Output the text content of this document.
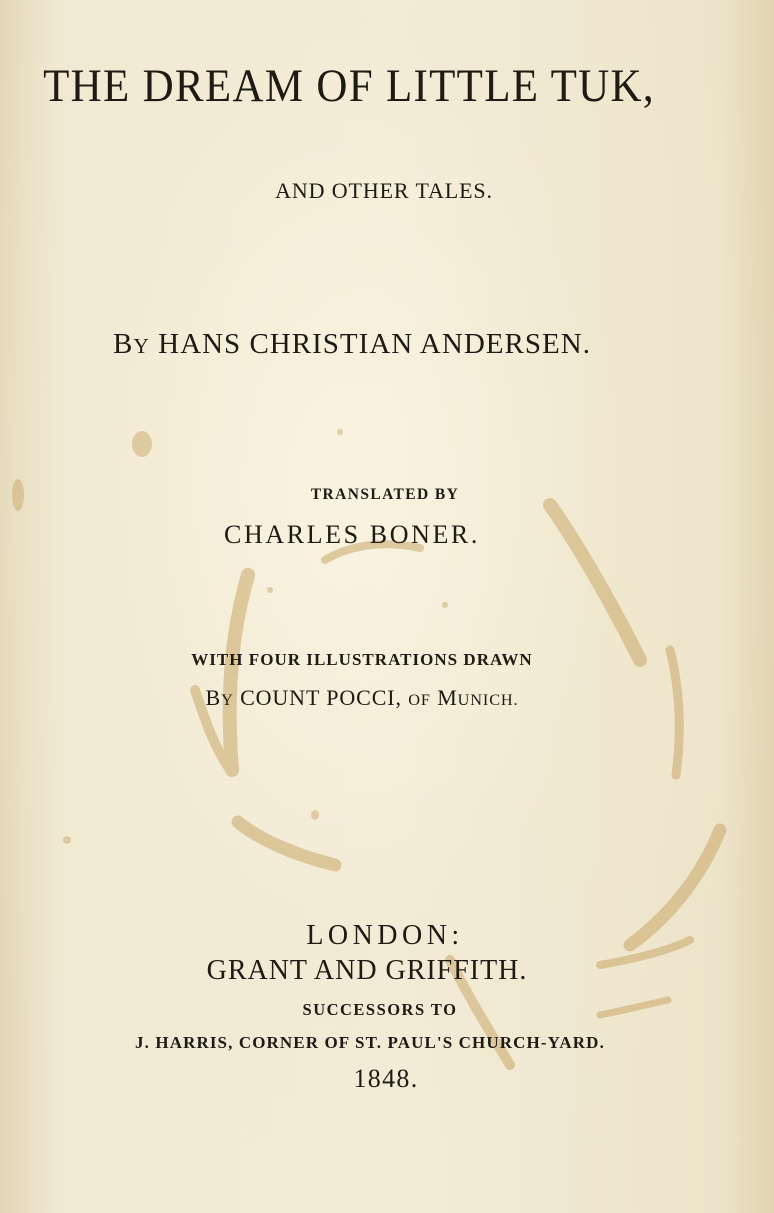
THE DREAM OF LITTLE TUK,
AND OTHER TALES.
BY HANS CHRISTIAN ANDERSEN.
TRANSLATED BY
CHARLES BONER.
WITH FOUR ILLUSTRATIONS DRAWN
BY COUNT POCCI, OF MUNICH.
LONDON:
GRANT AND GRIFFITH.
SUCCESSORS TO
J. HARRIS, CORNER OF ST. PAUL'S CHURCH-YARD.
1848.
